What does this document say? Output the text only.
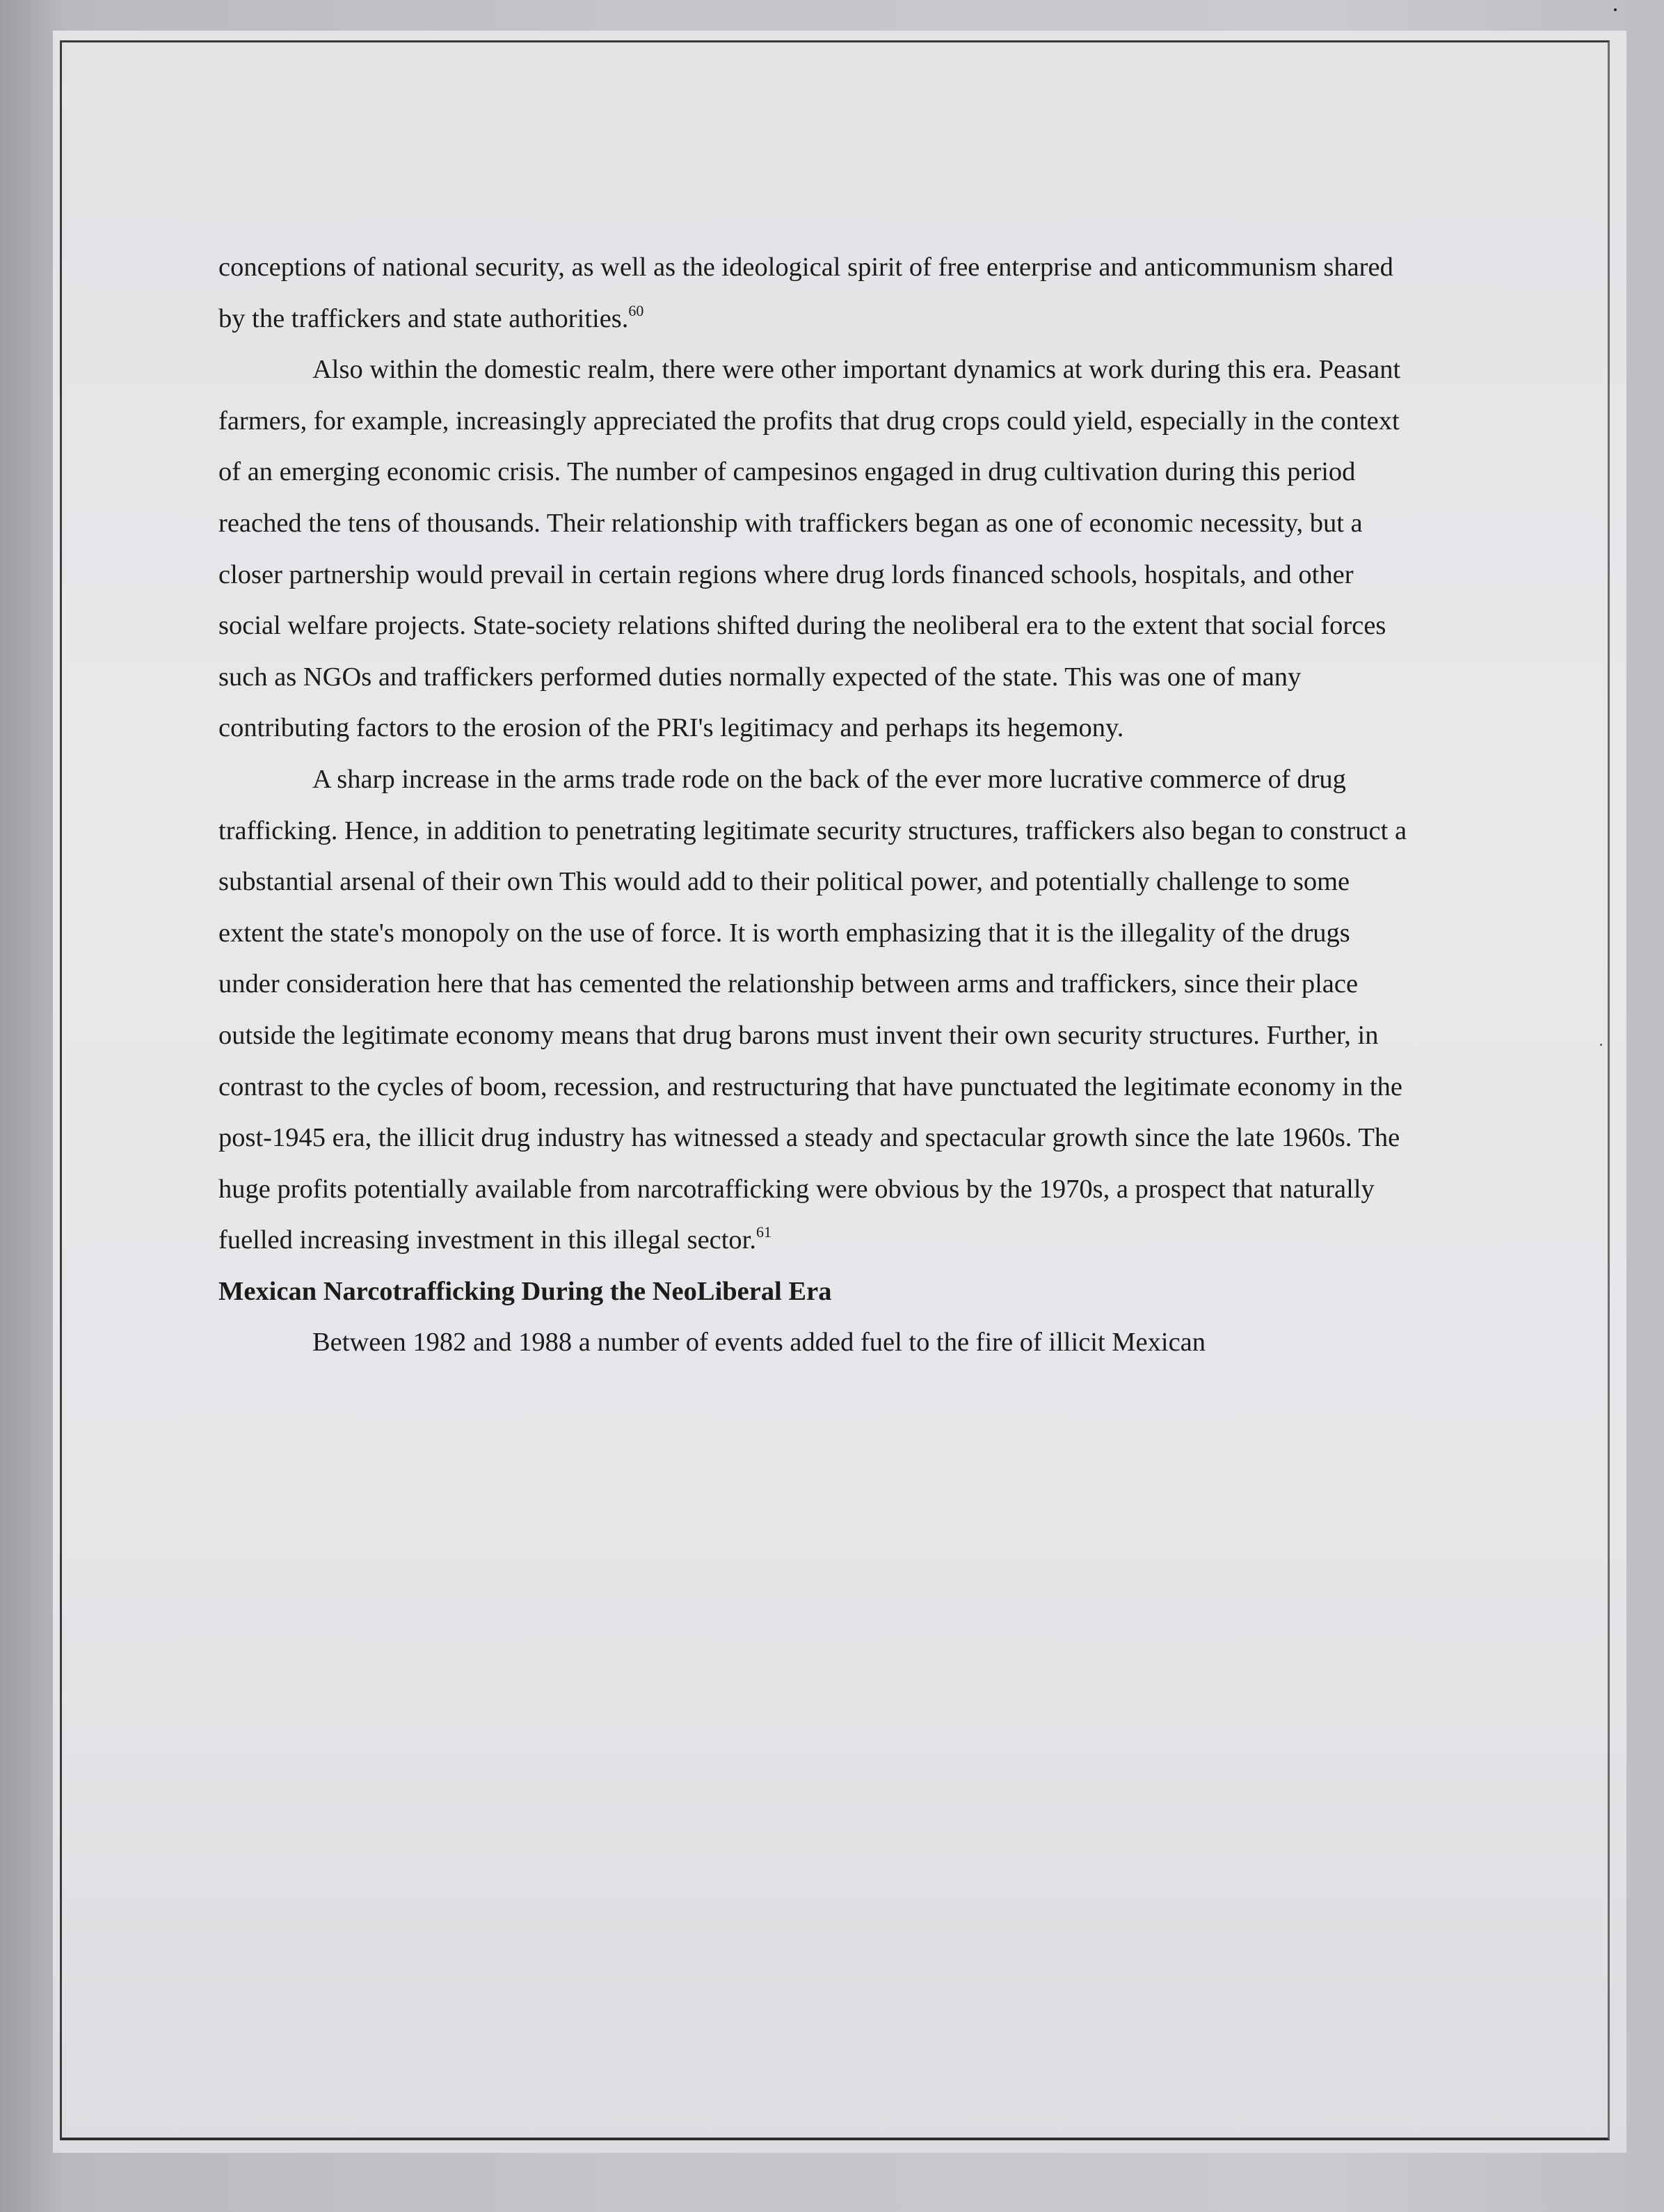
conceptions of national security, as well as the ideological spirit of free enterprise and anticommunism shared by the traffickers and state authorities.$^{60}$

Also within the domestic realm, there were other important dynamics at work during this era. Peasant farmers, for example, increasingly appreciated the profits that drug crops could yield, especially in the context of an emerging economic crisis. The number of campesinos engaged in drug cultivation during this period reached the tens of thousands. Their relationship with traffickers began as one of economic necessity, but a closer partnership would prevail in certain regions where drug lords financed schools, hospitals, and other social welfare projects. State-society relations shifted during the neoliberal era to the extent that social forces such as NGOs and traffickers performed duties normally expected of the state. This was one of many contributing factors to the erosion of the PRI's legitimacy and perhaps its hegemony.

A sharp increase in the arms trade rode on the back of the ever more lucrative commerce of drug trafficking. Hence, in addition to penetrating legitimate security structures, traffickers also began to construct a substantial arsenal of their own This would add to their political power, and potentially challenge to some extent the state's monopoly on the use of force. It is worth emphasizing that it is the illegality of the drugs under consideration here that has cemented the relationship between arms and traffickers, since their place outside the legitimate economy means that drug barons must invent their own security structures. Further, in contrast to the cycles of boom, recession, and restructuring that have punctuated the legitimate economy in the post-1945 era, the illicit drug industry has witnessed a steady and spectacular growth since the late 1960s. The huge profits potentially available from narcotrafficking were obvious by the 1970s, a prospect that naturally fuelled increasing investment in this illegal sector.$^{61}$

Mexican Narcotrafficking During the NeoLiberal Era

Between 1982 and 1988 a number of events added fuel to the fire of illicit Mexican
